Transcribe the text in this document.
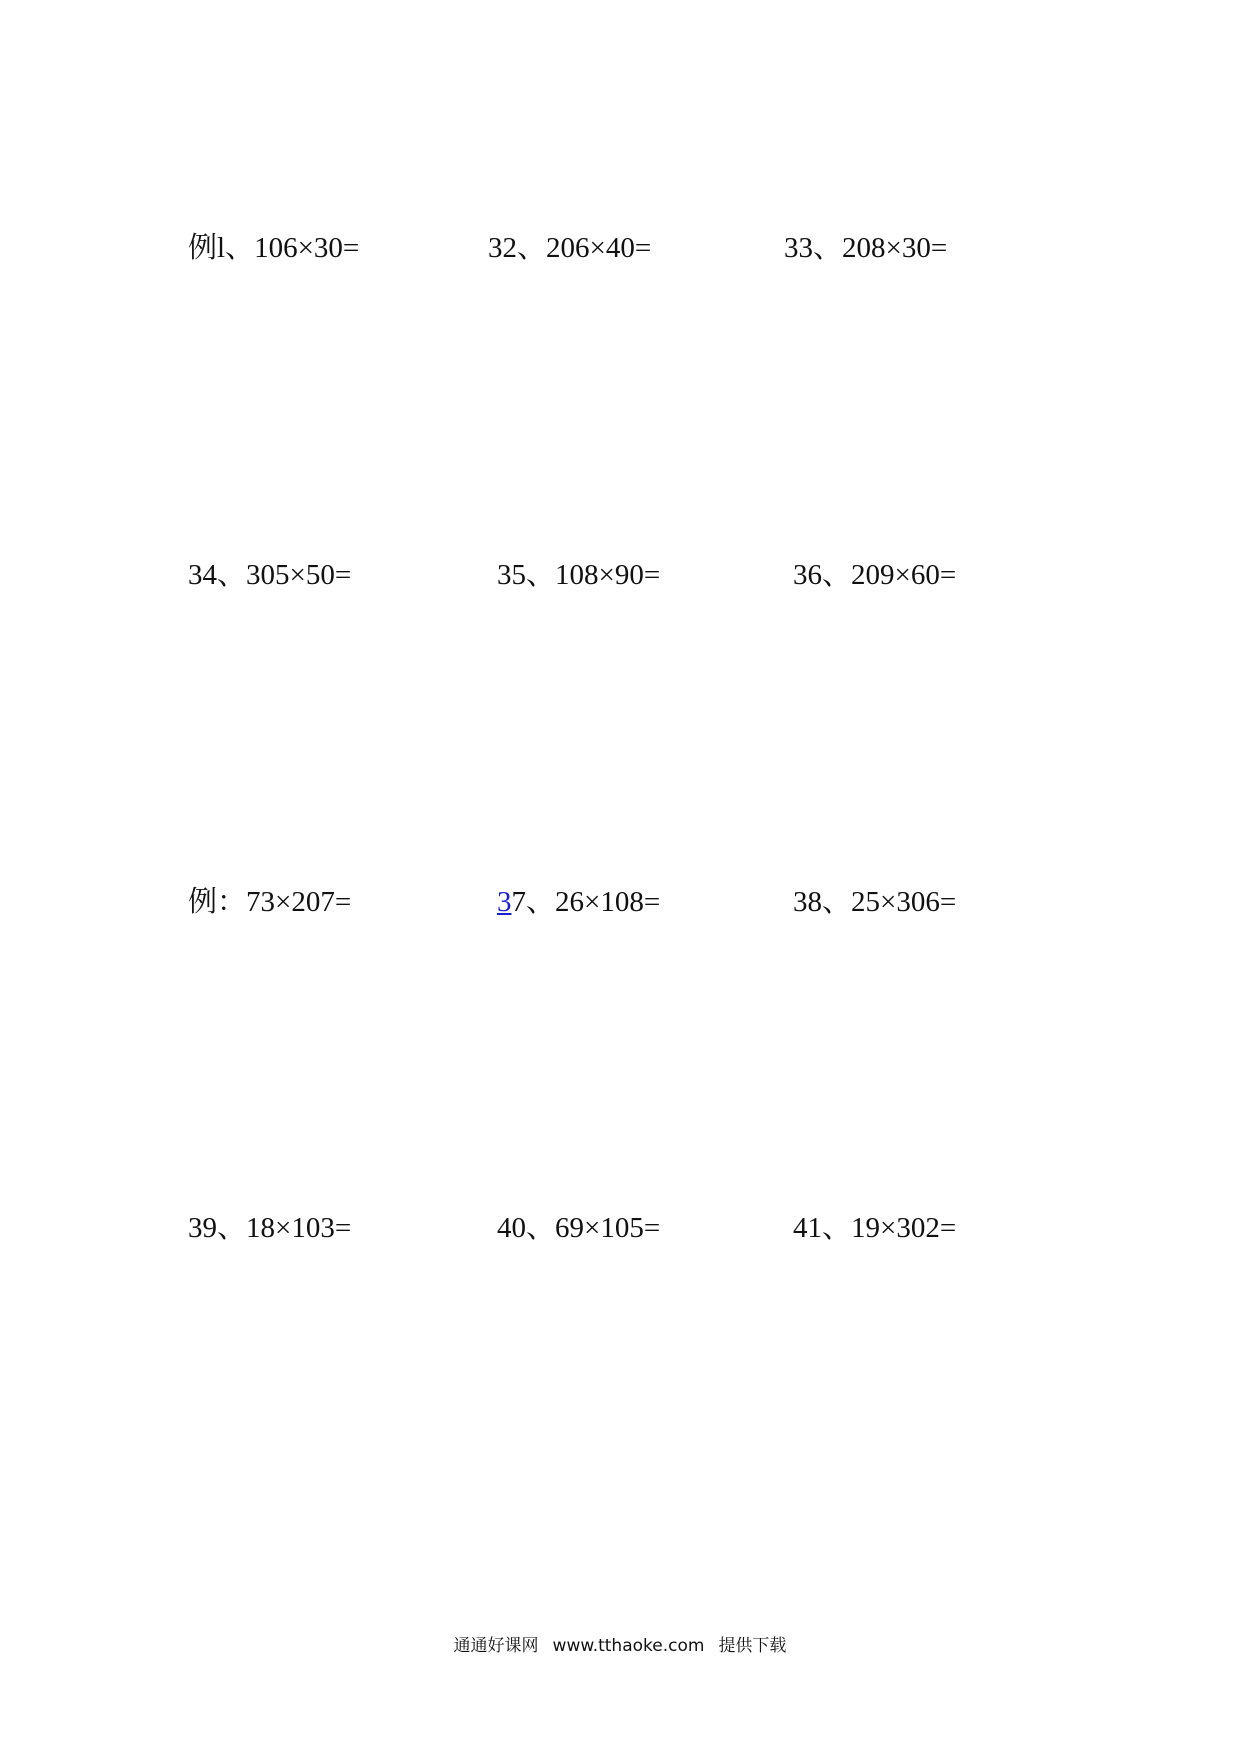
例l、106×30=	32、206×40=	33、208×30=
34、305×50=	35、108×90=	36、209×60=
例：73×207=	37、26×108=	38、25×306=
39、18×103=	40、69×105=	41、19×302=
通通好课网 www.tthaoke.com 提供下载
